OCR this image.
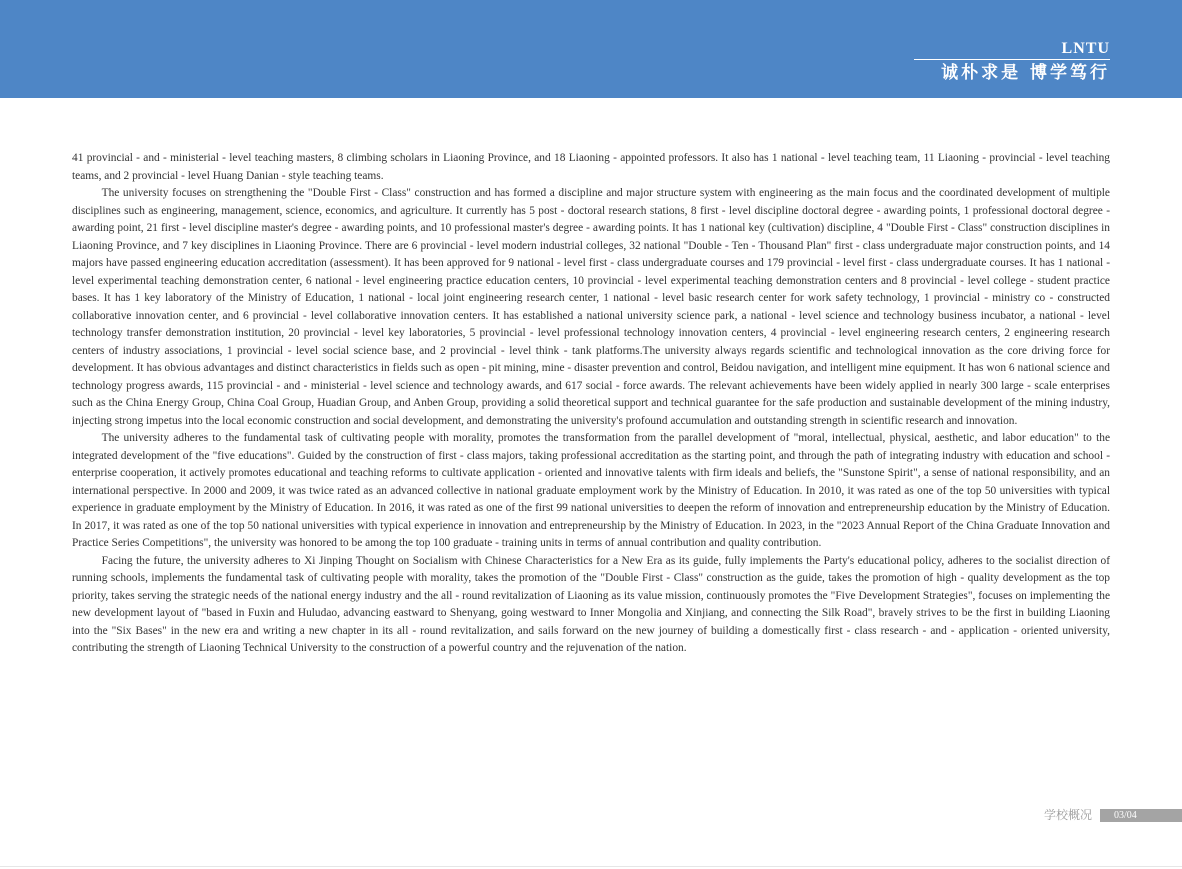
LNTU
诚朴求是 博学笃行

41 provincial - and - ministerial - level teaching masters, 8 climbing scholars in Liaoning Province, and 18 Liaoning - appointed professors. It also has 1 national - level teaching team, 11 Liaoning - provincial - level teaching teams, and 2 provincial - level Huang Danian - style teaching teams.

The university focuses on strengthening the "Double First - Class" construction and has formed a discipline and major structure system with engineering as the main focus and the coordinated development of multiple disciplines such as engineering, management, science, economics, and agriculture. It currently has 5 post - doctoral research stations, 8 first - level discipline doctoral degree - awarding points, 1 professional doctoral degree - awarding point, 21 first - level discipline master's degree - awarding points, and 10 professional master's degree - awarding points. It has 1 national key (cultivation) discipline, 4 "Double First - Class" construction disciplines in Liaoning Province, and 7 key disciplines in Liaoning Province. There are 6 provincial - level modern industrial colleges, 32 national "Double - Ten - Thousand Plan" first - class undergraduate major construction points, and 14 majors have passed engineering education accreditation (assessment). It has been approved for 9 national - level first - class undergraduate courses and 179 provincial - level first - class undergraduate courses. It has 1 national - level experimental teaching demonstration center, 6 national - level engineering practice education centers, 10 provincial - level experimental teaching demonstration centers and 8 provincial - level college - student practice bases. It has 1 key laboratory of the Ministry of Education, 1 national - local joint engineering research center, 1 national - level basic research center for work safety technology, 1 provincial - ministry co - constructed collaborative innovation center, and 6 provincial - level collaborative innovation centers. It has established a national university science park, a national - level science and technology business incubator, a national - level technology transfer demonstration institution, 20 provincial - level key laboratories, 5 provincial - level professional technology innovation centers, 4 provincial - level engineering research centers, 2 engineering research centers of industry associations, 1 provincial - level social science base, and 2 provincial - level think - tank platforms.The university always regards scientific and technological innovation as the core driving force for development. It has obvious advantages and distinct characteristics in fields such as open - pit mining, mine - disaster prevention and control, Beidou navigation, and intelligent mine equipment. It has won 6 national science and technology progress awards, 115 provincial - and - ministerial - level science and technology awards, and 617 social - force awards. The relevant achievements have been widely applied in nearly 300 large - scale enterprises such as the China Energy Group, China Coal Group, Huadian Group, and Anben Group, providing a solid theoretical support and technical guarantee for the safe production and sustainable development of the mining industry, injecting strong impetus into the local economic construction and social development, and demonstrating the university's profound accumulation and outstanding strength in scientific research and innovation.

The university adheres to the fundamental task of cultivating people with morality, promotes the transformation from the parallel development of "moral, intellectual, physical, aesthetic, and labor education" to the integrated development of the "five educations". Guided by the construction of first - class majors, taking professional accreditation as the starting point, and through the path of integrating industry with education and school - enterprise cooperation, it actively promotes educational and teaching reforms to cultivate application - oriented and innovative talents with firm ideals and beliefs, the "Sunstone Spirit", a sense of national responsibility, and an international perspective. In 2000 and 2009, it was twice rated as an advanced collective in national graduate employment work by the Ministry of Education. In 2010, it was rated as one of the top 50 universities with typical experience in graduate employment by the Ministry of Education. In 2016, it was rated as one of the first 99 national universities to deepen the reform of innovation and entrepreneurship education by the Ministry of Education. In 2017, it was rated as one of the top 50 national universities with typical experience in innovation and entrepreneurship by the Ministry of Education. In 2023, in the "2023 Annual Report of the China Graduate Innovation and Practice Series Competitions", the university was honored to be among the top 100 graduate - training units in terms of annual contribution and quality contribution.

Facing the future, the university adheres to Xi Jinping Thought on Socialism with Chinese Characteristics for a New Era as its guide, fully implements the Party's educational policy, adheres to the socialist direction of running schools, implements the fundamental task of cultivating people with morality, takes the promotion of the "Double First - Class" construction as the guide, takes the promotion of high - quality development as the top priority, takes serving the strategic needs of the national energy industry and the all - round revitalization of Liaoning as its value mission, continuously promotes the "Five Development Strategies", focuses on implementing the new development layout of "based in Fuxin and Huludao, advancing eastward to Shenyang, going westward to Inner Mongolia and Xinjiang, and connecting the Silk Road", bravely strives to be the first in building Liaoning into the "Six Bases" in the new era and writing a new chapter in its all - round revitalization, and sails forward on the new journey of building a domestically first - class research - and - application - oriented university, contributing the strength of Liaoning Technical University to the construction of a powerful country and the rejuvenation of the nation.

学校概况	03/04
